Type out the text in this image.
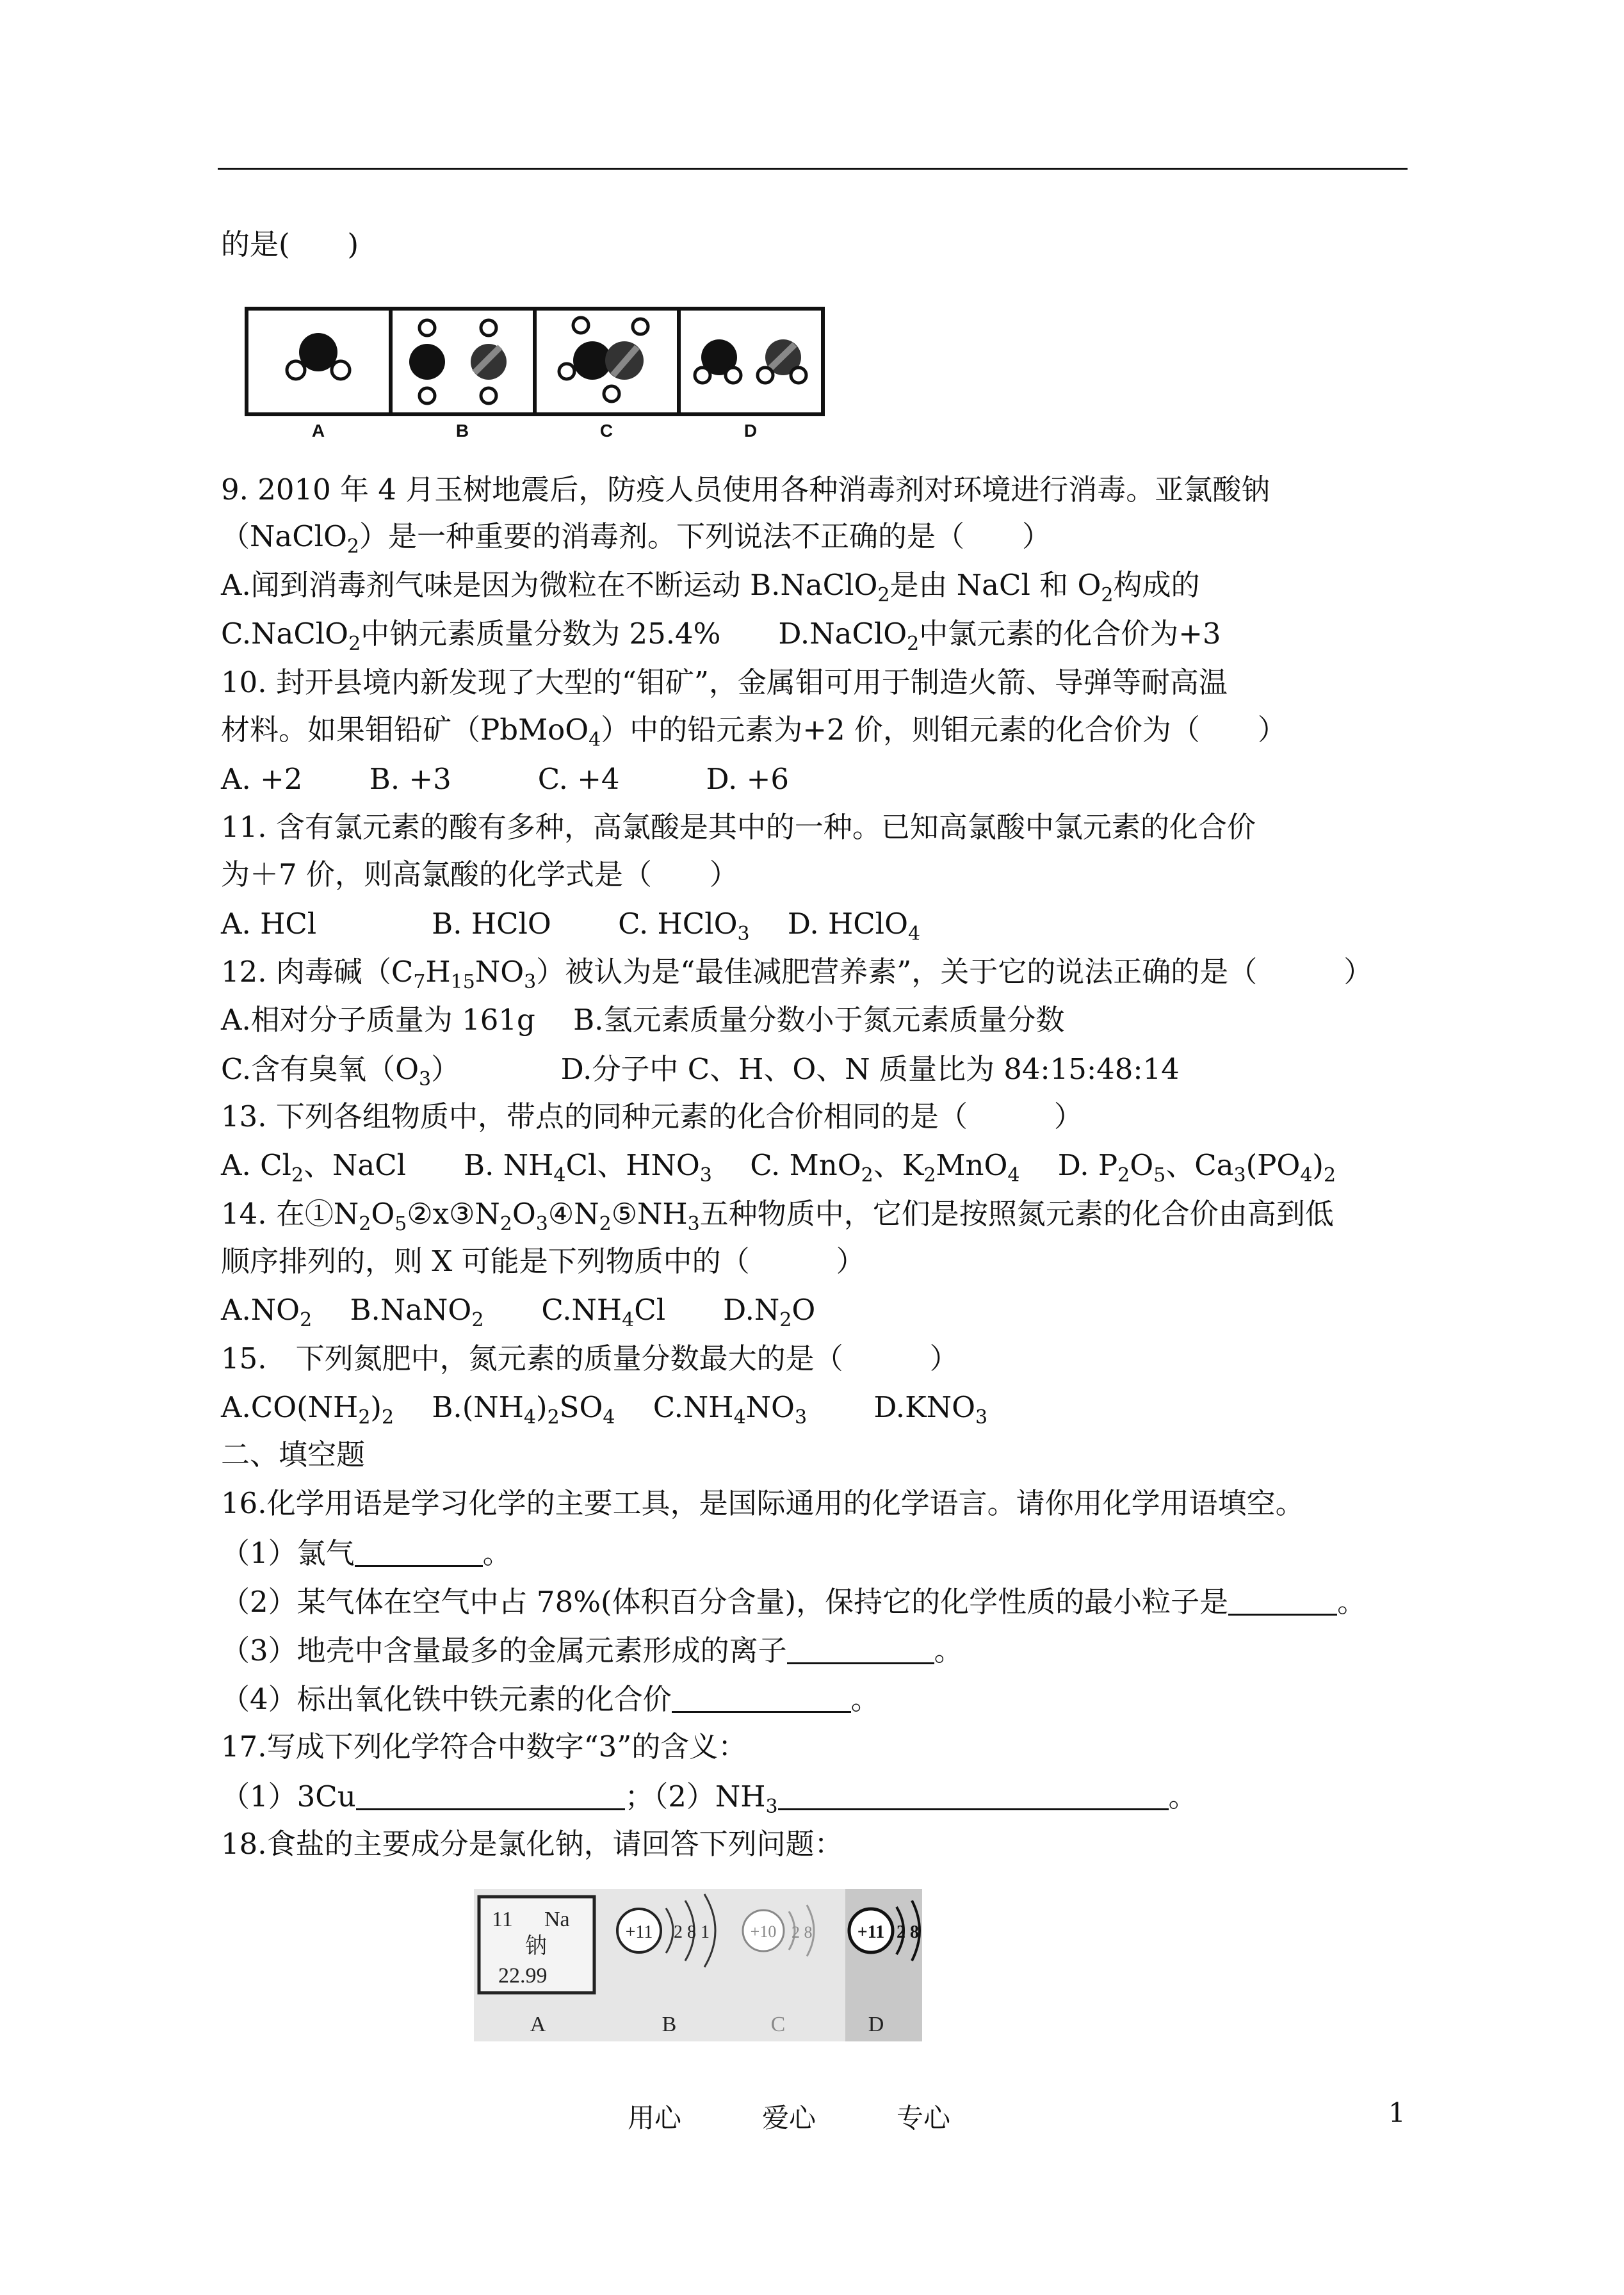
的是(　　)
A	B	C	D
9. 2010 年 4 月玉树地震后，防疫人员使用各种消毒剂对环境进行消毒。亚氯酸钠
（NaClO$_2$）是一种重要的消毒剂。下列说法不正确的是（　　）
A.闻到消毒剂气味是因为微粒在不断运动 B.NaClO$_2$是由 NaCl 和 $O_2$构成的
C.NaClO$_2$中钠元素质量分数为 25.4%　　D.NaClO$_2$中氯元素的化合价为+3
10. 封开县境内新发现了大型的“钼矿”，金属钼可用于制造火箭、导弹等耐高温
材料。如果钼铅矿（PbMoO$_4$）中的铅元素为+2 价，则钼元素的化合价为（　　）
A. +2　　 B. +3　　　C. +4　　　D. +6
11. 含有氯元素的酸有多种，高氯酸是其中的一种。已知高氯酸中氯元素的化合价
为＋7 价，则高氯酸的化学式是（　　）
A. HCl　　　　B. HClO　　 C. HClO$_3$　 D. HClO$_4$
12. 肉毒碱$(C_7H_{15}NO_3)$被认为是“最佳减肥营养素”，关于它的说法正确的是（　　　）
A.相对分子质量为 161g　 B.氢元素质量分数小于氮元素质量分数
C.含有臭氧$(O_3)$　　　　D.分子中 C、H、O、N 质量比为 84:15:48:14
13. 下列各组物质中，带点的同种元素的化合价相同的是（　　　）
A. $Cl_2$、NaCl　　B. $NH_4Cl$、$HNO_3$　 C. MnO$_2$、$K_2MnO_4$　 D. $P_2O_5$、$Ca_3(PO_4)_2$
14. 在$①N_2O_5②x③N_2O_3④N_2⑤NH_3$五种物质中，它们是按照氮元素的化合价由高到低
顺序排列的，则 X 可能是下列物质中的（　　　）
$A.NO_2$　 B.NaNO$_2$　　$C.NH_4Cl$　　$D.N_2O$
15.　下列氮肥中，氮元素的质量分数最大的是（　　　）
$A.CO(NH_2)_2$　 $B.(NH_4)_2SO_4$　 $C.NH_4NO_3$　　 $D.KNO_3$
二、填空题
16.化学用语是学习化学的主要工具，是国际通用的化学语言。请你用化学用语填空。
（1）氯气	。
（2）某气体在空气中占 78%(体积百分含量)，保持它的化学性质的最小粒子是	。
（3）地壳中含量最多的金属元素形成的离子	。
（4）标出氧化铁中铁元素的化合价	。
17.写成下列化学符合中数字“3”的含义：
（1）3Cu	；$(2)NH_3$	。
18.食盐的主要成分是氯化钠，请回答下列问题：
11 Na
钠
22.99
+11 2 8 1 +10 2 8	+11 2 8
A	B	C	D
用心　　　爱心　　　专心	1
